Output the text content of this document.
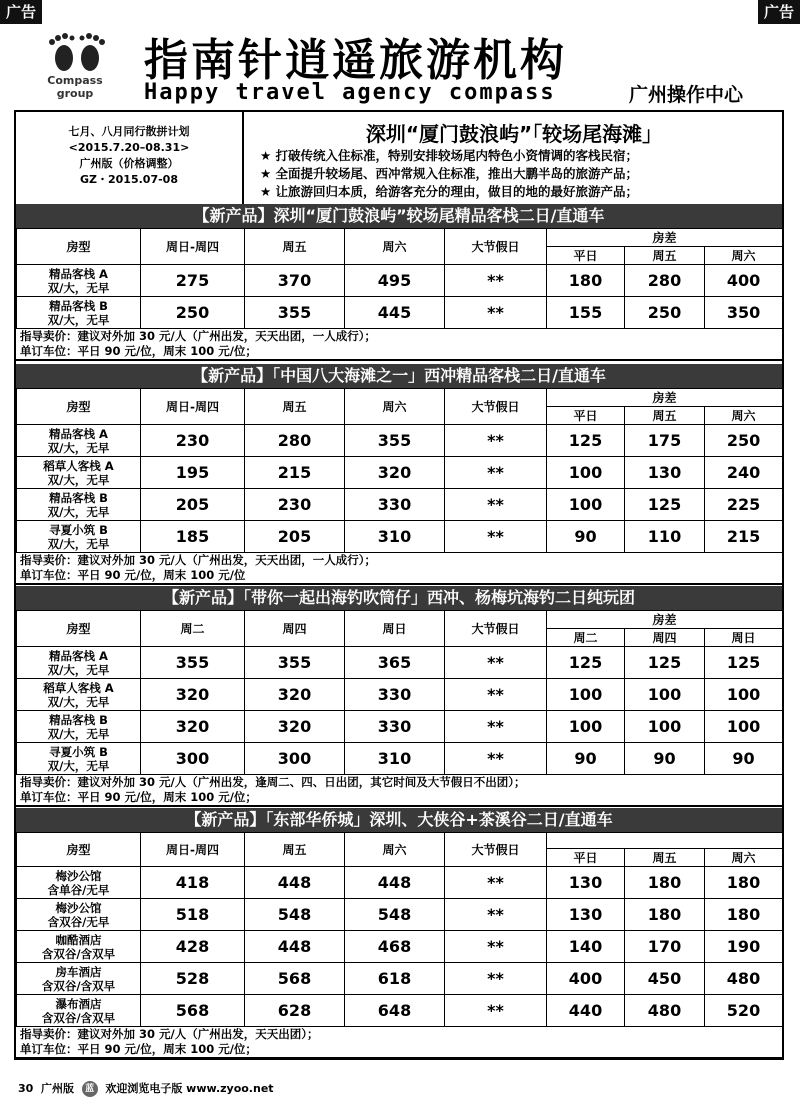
广告	广告
Compass
group
指南针逍遥旅游机构
Happy travel agency compass	广州操作中心
七月、八月同行散拼计划
<2015.7.20–08.31>
广州版（价格调整）
GZ・2015.07-08
深圳“厦门鼓浪屿”「较场尾海滩」
★ 打破传统入住标准，特别安排较场尾内特色小资情调的客栈民宿；
★ 全面提升较场尾、西冲常规入住标准，推出大鹏半岛的旅游产品；
★ 让旅游回归本质，给游客充分的理由，做目的地的最好旅游产品；
【新产品】深圳“厦门鼓浪屿”较场尾精品客栈二日/直通车
房型	周日-周四	周五	周六	大节假日	房差		
					平日	周五	周六

精品客栈 A
双/大，无早	275	370	495	**	180	280	400

精品客栈 B
双/大，无早	250	355	445	**	155	250	350
指导卖价：建议对外加 30 元/人（广州出发，天天出团，一人成行）；
单订车位：平日 90 元/位，周末 100 元/位；
【新产品】「中国八大海滩之一」西冲精品客栈二日/直通车
房型	周日-周四	周五	周六	大节假日	房差		
					平日	周五	周六

精品客栈 A
双/大，无早	230	280	355	**	125	175	250

稻草人客栈 A
双/大，无早	195	215	320	**	100	130	240

精品客栈 B
双/大，无早	205	230	330	**	100	125	225

寻夏小筑 B
双/大，无早	185	205	310	**	90	110	215
指导卖价：建议对外加 30 元/人（广州出发，天天出团，一人成行）；
单订车位：平日 90 元/位，周末 100 元/位
【新产品】「带你一起出海钓吹筒仔」西冲、杨梅坑海钓二日纯玩团
房型	周二	周四	周日	大节假日	房差		
					周二	周四	周日

精品客栈 A
双/大，无早	355	355	365	**	125	125	125

稻草人客栈 A
双/大，无早	320	320	330	**	100	100	100

精品客栈 B
双/大，无早	320	320	330	**	100	100	100

寻夏小筑 B
双/大，无早	300	300	310	**	90	90	90
指导卖价：建议对外加 30 元/人（广州出发，逢周二、四、日出团，其它时间及大节假日不出团）；
单订车位：平日 90 元/位，周末 100 元/位；
【新产品】「东部华侨城」深圳、大侠谷+茶溪谷二日/直通车
房型	周日-周四	周五	周六	大节假日			
					平日	周五	周六

梅沙公馆
含单谷/无早	418	448	448	**	130	180	180

梅沙公馆
含双谷/无早	518	548	548	**	130	180	180

咖酷酒店
含双谷/含双早	428	448	468	**	140	170	190

房车酒店
含双谷/含双早	528	568	618	**	400	450	480

瀑布酒店
含双谷/含双早	568	628	648	**	440	480	520
指导卖价：建议对外加 30 元/人（广州出发，天天出团）；
单订车位：平日 90 元/位，周末 100 元/位；
30 广州版 蓝 欢迎浏览电子版 www.zyoo.net
